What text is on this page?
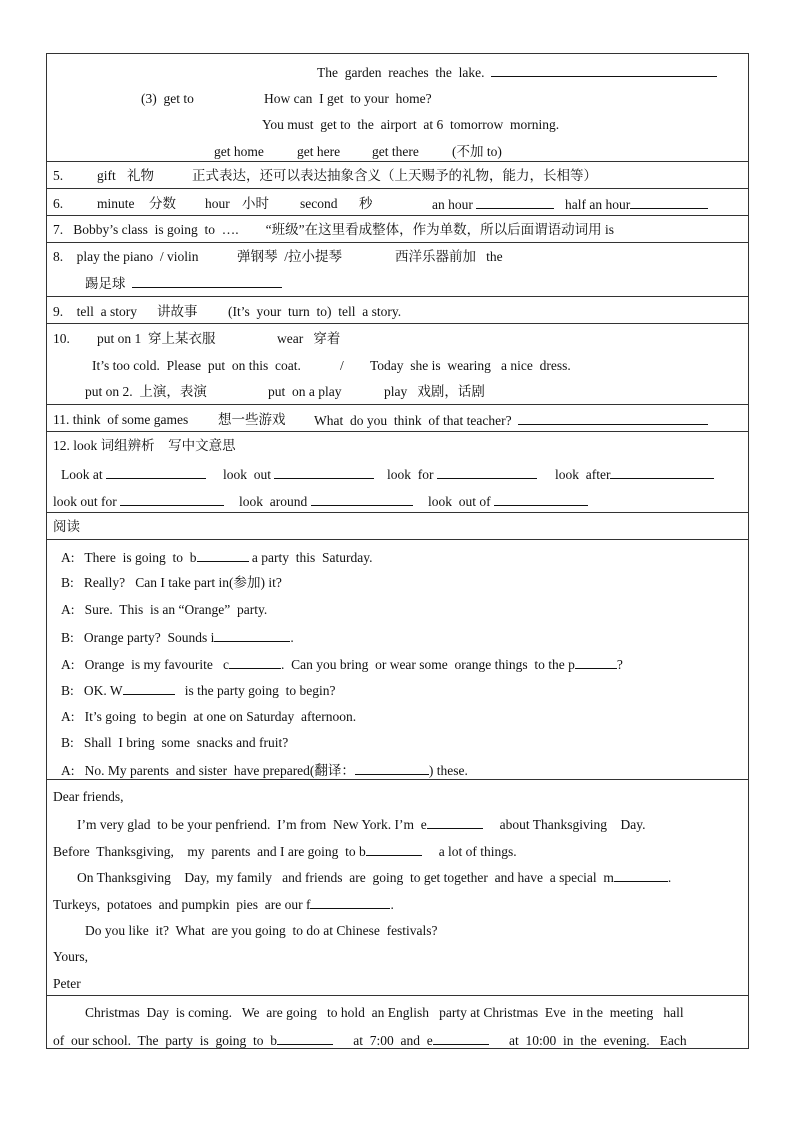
The  garden  reaches  the  lake.
(3)  get to	How can  I get  to your  home?
You must  get to  the  airport  at 6  tomorrow  morning.
get home get here get there (不加 to)
5.	gift 礼物	正式表达，还可以表达抽象含义（上天赐予的礼物，能力，长相等）
6.	minute 分数 hour 小时 second 秒	an hour	half an hour
7.   Bobby’s class  is going  to  ….        “班级”在这里看成整体，作为单数，所以后面谓语动词用 is
8.    play the piano  / violin	弹钢琴  /拉小提琴	西洋乐器前加   the
踢足球
9.    tell  a story 讲故事 (It’s  your  turn  to)  tell  a story.
10. put on 1  穿上某衣服	wear   穿着
It’s too cold.  Please  put  on this  coat.	/ Today  she is  wearing   a nice  dress.
put on 2.  上演，表演	put  on a play	play   戏剧，话剧
11. think  of some games 想一些游戏 What  do you  think  of that teacher?
12. look 词组辨析    写中文意思
Look at	look  out	look  for	look  after
look out for	look  around	look  out of
阅读
A: There  is going  to  b	a party  this  Saturday.
B: Really?   Can I take part in(参加) it?
A: Sure.  This  is an “Orange”  party.
B: Orange party?  Sounds i	.
A: Orange  is my favourite   c	.  Can you bring  or wear some  orange things  to the p	?
B: OK. W	is the party going  to begin?
A: It’s going  to begin  at one on Saturday  afternoon.
B: Shall  I bring  some  snacks and fruit?
A: No. My parents  and sister  have prepared(翻译：	) these.
Dear friends,
I’m very glad  to be your penfriend.  I’m from  New York. I’m  e	about Thanksgiving    Day.
Before  Thanksgiving,    my  parents  and I are going  to b	a lot of things.
On Thanksgiving    Day,  my family   and friends  are  going  to get together  and have  a special  m	.
Turkeys,  potatoes  and pumpkin  pies  are our f	.
Do you like  it?  What  are you going  to do at Chinese  festivals?
Yours,
Peter
Christmas  Day  is coming.   We  are going   to hold  an English   party at Christmas  Eve  in the  meeting   hall
of  our school.  The  party  is  going  to  b	at  7:00  and  e	at  10:00  in  the  evening.   Each
